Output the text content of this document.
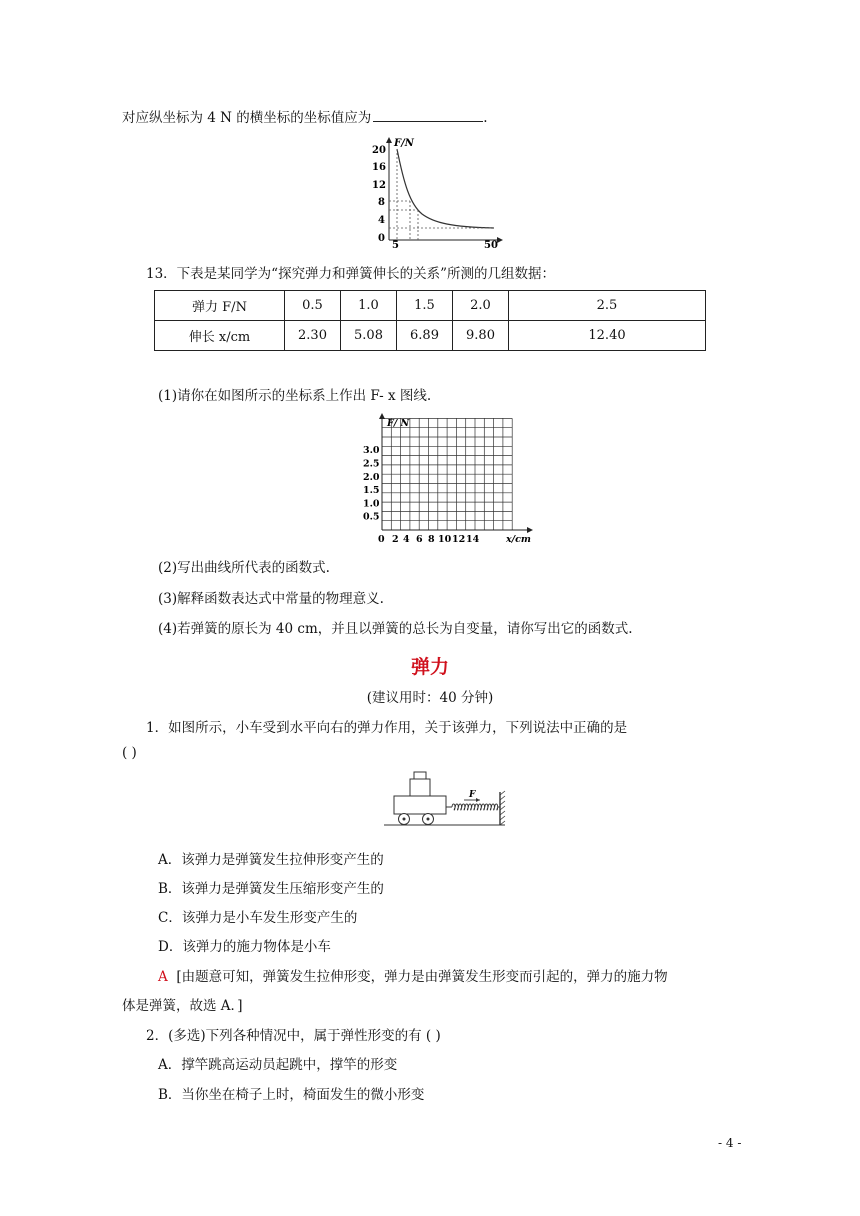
对应纵坐标为 4 N 的横坐标的坐标值应为	.
F/N
20
16
12
8
4
0
5	50
13．下表是某同学为“探究弹力和弹簧伸长的关系”所测的几组数据：
弹力 F/N	0.5	1.0	1.5	2.0	2.5
伸长 x/cm	2.30	5.08	6.89	9.80	12.40
(1)请你在如图所示的坐标系上作出 F- x 图线.
F/ N
3.0
2.5
2.0
1.5
1.0
0.5
0 2 4 6 8 10 12 14	x/cm
(2)写出曲线所代表的函数式.
(3)解释函数表达式中常量的物理意义.
(4)若弹簧的原长为 40 cm，并且以弹簧的总长为自变量，请你写出它的函数式.
弹力
(建议用时：40 分钟)
1．如图所示，小车受到水平向右的弹力作用，关于该弹力，下列说法中正确的是
( )
F
A．该弹力是弹簧发生拉伸形变产生的
B．该弹力是弹簧发生压缩形变产生的
C．该弹力是小车发生形变产生的
D．该弹力的施力物体是小车
A [由题意可知，弹簧发生拉伸形变，弹力是由弹簧发生形变而引起的，弹力的施力物
体是弹簧，故选 A．]
2．(多选)下列各种情况中，属于弹性形变的有 ( )
A．撑竿跳高运动员起跳中，撑竿的形变
B．当你坐在椅子上时，椅面发生的微小形变
- 4 -
